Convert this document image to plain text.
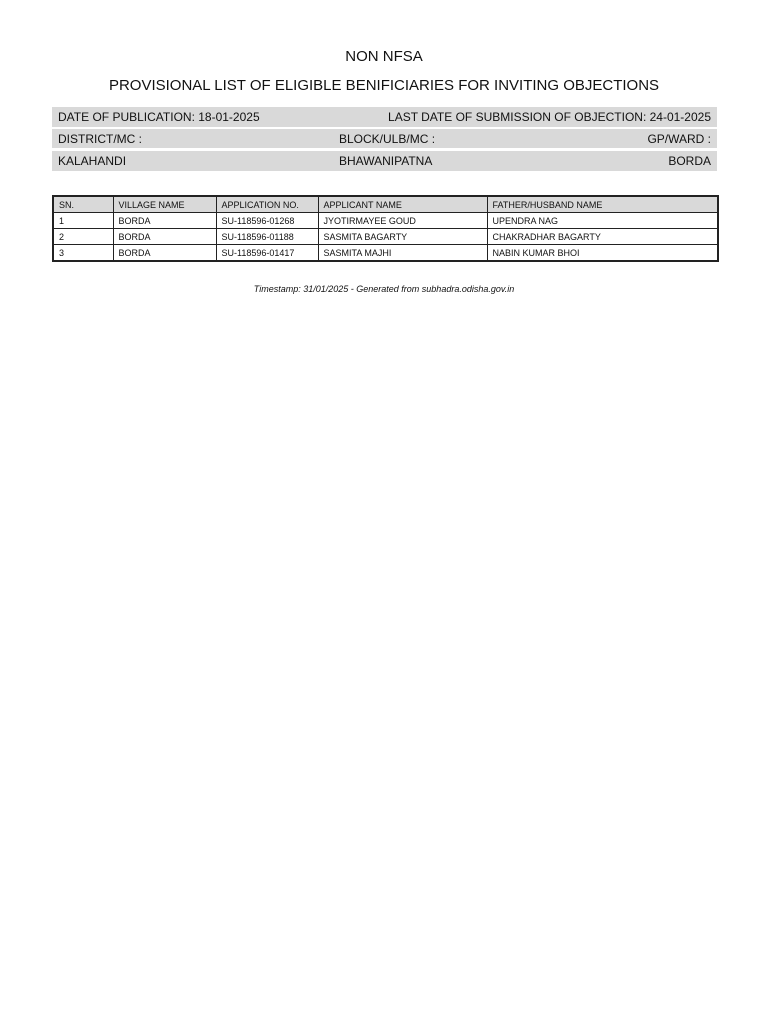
NON NFSA
PROVISIONAL LIST OF ELIGIBLE BENIFICIARIES FOR INVITING OBJECTIONS
DATE OF PUBLICATION: 18-01-2025	LAST DATE OF SUBMISSION OF OBJECTION: 24-01-2025
DISTRICT/MC :	BLOCK/ULB/MC :	GP/WARD :
KALAHANDI	BHAWANIPATNA	BORDA
SN.	VILLAGE NAME	APPLICATION NO.	APPLICANT NAME	FATHER/HUSBAND NAME
1	BORDA	SU-118596-01268	JYOTIRMAYEE GOUD	UPENDRA NAG
2	BORDA	SU-118596-01188	SASMITA BAGARTY	CHAKRADHAR BAGARTY
3	BORDA	SU-118596-01417	SASMITA MAJHI	NABIN KUMAR BHOI
Timestamp: 31/01/2025 - Generated from subhadra.odisha.gov.in
